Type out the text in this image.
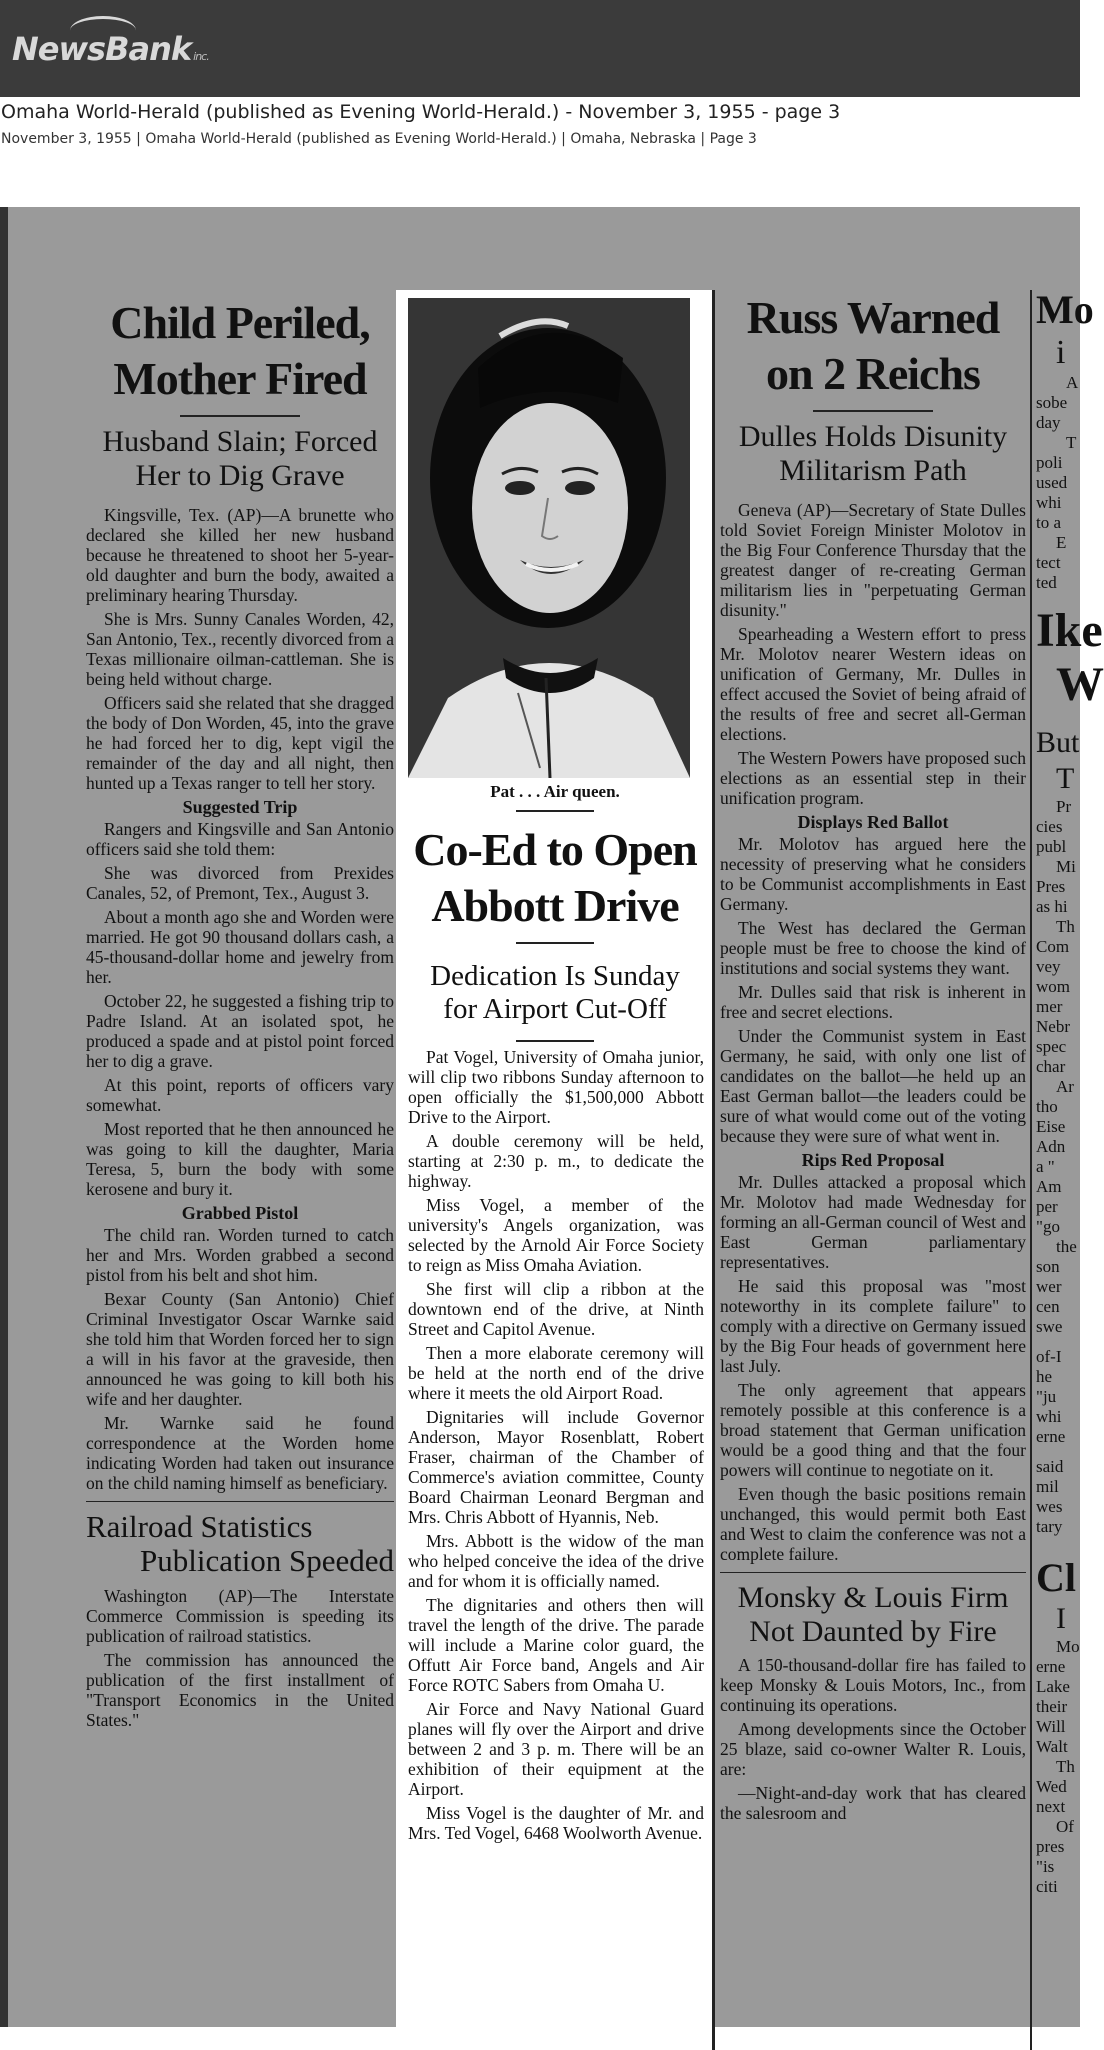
NewsBank inc.
Omaha World-Herald (published as Evening World-Herald.) - November 3, 1955 - page 3
November 3, 1955 | Omaha World-Herald (published as Evening World-Herald.) | Omaha, Nebraska | Page 3
Child Periled,
Mother Fired
Husband Slain; Forced
Her to Dig Grave

Kingsville, Tex. (AP)—A brunette who declared she killed her new husband because he threatened to shoot her 5-year-old daughter and burn the body, awaited a preliminary hearing Thursday.

She is Mrs. Sunny Canales Worden, 42, San Antonio, Tex., recently divorced from a Texas millionaire oilman-cattleman. She is being held without charge.

Officers said she related that she dragged the body of Don Worden, 45, into the grave he had forced her to dig, kept vigil the remainder of the day and all night, then hunted up a Texas ranger to tell her story.

Suggested Trip

Rangers and Kingsville and San Antonio officers said she told them:

She was divorced from Prexides Canales, 52, of Premont, Tex., August 3.

About a month ago she and Worden were married. He got 90 thousand dollars cash, a 45-thousand-dollar home and jewelry from her.

October 22, he suggested a fishing trip to Padre Island. At an isolated spot, he produced a spade and at pistol point forced her to dig a grave.

At this point, reports of officers vary somewhat.

Most reported that he then announced he was going to kill the daughter, Maria Teresa, 5, burn the body with some kerosene and bury it.

Grabbed Pistol

The child ran. Worden turned to catch her and Mrs. Worden grabbed a second pistol from his belt and shot him.

Bexar County (San Antonio) Chief Criminal Investigator Oscar Warnke said she told him that Worden forced her to sign a will in his favor at the graveside, then announced he was going to kill both his wife and her daughter.

Mr. Warnke said he found correspondence at the Worden home indicating Worden had taken out insurance on the child naming himself as beneficiary.

Railroad Statistics
Publication Speeded

Washington (AP)—The Interstate Commerce Commission is speeding its publication of railroad statistics.

The commission has announced the publication of the first installment of "Transport Economics in the United States."

Pat . . . Air queen.
Co-Ed to Open
Abbott Drive
Dedication Is Sunday
for Airport Cut-Off

Pat Vogel, University of Omaha junior, will clip two ribbons Sunday afternoon to open officially the $1,500,000 Abbott Drive to the Airport.

A double ceremony will be held, starting at 2:30 p. m., to dedicate the highway.

Miss Vogel, a member of the university's Angels organization, was selected by the Arnold Air Force Society to reign as Miss Omaha Aviation.

She first will clip a ribbon at the downtown end of the drive, at Ninth Street and Capitol Avenue.

Then a more elaborate ceremony will be held at the north end of the drive where it meets the old Airport Road.

Dignitaries will include Governor Anderson, Mayor Rosenblatt, Robert Fraser, chairman of the Chamber of Commerce's aviation committee, County Board Chairman Leonard Bergman and Mrs. Chris Abbott of Hyannis, Neb.

Mrs. Abbott is the widow of the man who helped conceive the idea of the drive and for whom it is officially named.

The dignitaries and others then will travel the length of the drive. The parade will include a Marine color guard, the Offutt Air Force band, Angels and Air Force ROTC Sabers from Omaha U.

Air Force and Navy National Guard planes will fly over the Airport and drive between 2 and 3 p. m. There will be an exhibition of their equipment at the Airport.

Miss Vogel is the daughter of Mr. and Mrs. Ted Vogel, 6468 Woolworth Avenue.

Russ Warned
on 2 Reichs
Dulles Holds Disunity
Militarism Path

Geneva (AP)—Secretary of State Dulles told Soviet Foreign Minister Molotov in the Big Four Conference Thursday that the greatest danger of re-creating German militarism lies in "perpetuating German disunity."

Spearheading a Western effort to press Mr. Molotov nearer Western ideas on unification of Germany, Mr. Dulles in effect accused the Soviet of being afraid of the results of free and secret all-German elections.

The Western Powers have proposed such elections as an essential step in their unification program.

Displays Red Ballot

Mr. Molotov has argued here the necessity of preserving what he considers to be Communist accomplishments in East Germany.

The West has declared the German people must be free to choose the kind of institutions and social systems they want.

Mr. Dulles said that risk is inherent in free and secret elections.

Under the Communist system in East Germany, he said, with only one list of candidates on the ballot—he held up an East German ballot—the leaders could be sure of what would come out of the voting because they were sure of what went in.

Rips Red Proposal

Mr. Dulles attacked a proposal which Mr. Molotov had made Wednesday for forming an all-German council of West and East German parliamentary representatives.

He said this proposal was "most noteworthy in its complete failure" to comply with a directive on Germany issued by the Big Four heads of government here last July.

The only agreement that appears remotely possible at this conference is a broad statement that German unification would be a good thing and that the four powers will continue to negotiate on it.

Even though the basic positions remain unchanged, this would permit both East and West to claim the conference was not a complete failure.

Monsky & Louis Firm
Not Daunted by Fire

A 150-thousand-dollar fire has failed to keep Monsky & Louis Motors, Inc., from continuing its operations.

Among developments since the October 25 blaze, said co-owner Walter R. Louis, are:

—Night-and-day work that has cleared the salesroom and

Mo
i
A
sobe
day
T
poli
used
whi
to a
E
tect
ted
Ike
W
But
T
Pr
cies
publ
Mi
Pres
as hi
Th
Com
vey
wom
mer
Nebr
spec
char
Ar
tho
Eise
Adn
a "
Am
per
"go
the
son
wer
cen
swe
of-I
he
"ju
whi
erne
said
mil
wes
tary
Cl
I
Mo
erne
Lake
their
Will
Walt
Th
Wed
next
Of
pres
"is
citi
